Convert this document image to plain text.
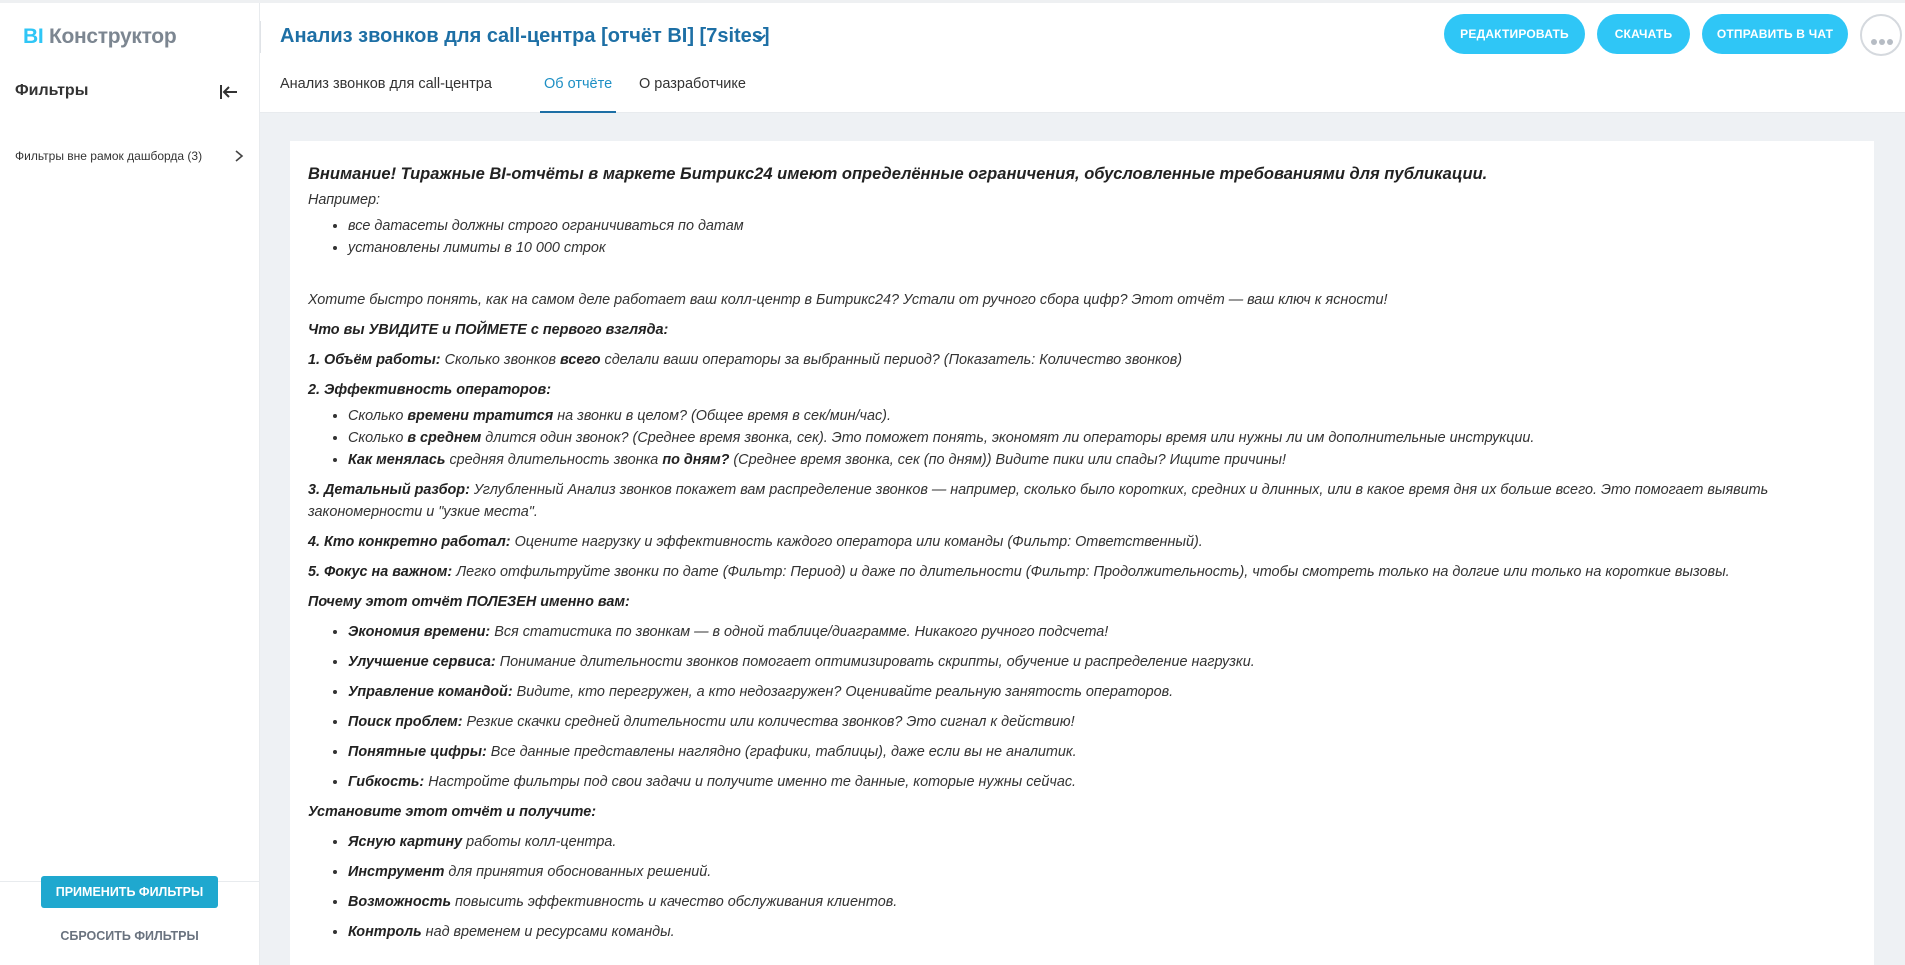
BI Конструктор
Фильтры
Фильтры вне рамок дашборда (3)
ПРИМЕНИТЬ ФИЛЬТРЫ
СБРОСИТЬ ФИЛЬТРЫ
Анализ звонков для call-центра [отчёт BI] [7sites]	РЕДАКТИРОВАТЬ	СКАЧАТЬ	ОТПРАВИТЬ В ЧАТ
Анализ звонков для call-центра	Об отчёте О разработчике
Внимание! Тиражные BI-отчёты в маркете Битрикс24 имеют определённые ограничения, обусловленные требованиями для публикации.

Например:

• все датасеты должны строго ограничиваться по датам
• установлены лимиты в 10 000 строк

Хотите быстро понять, как на самом деле работает ваш колл-центр в Битрикс24? Устали от ручного сбора цифр? Этот отчёт — ваш ключ к ясности!

Что вы УВИДИТЕ и ПОЙМЕТЕ с первого взгляда:

1. Объём работы: Сколько звонков всего сделали ваши операторы за выбранный период? (Показатель: Количество звонков)

2. Эффективность операторов:

• Сколько времени тратится на звонки в целом? (Общее время в сек/мин/час).
• Сколько в среднем длится один звонок? (Среднее время звонка, сек). Это поможет понять, экономят ли операторы время или нужны ли им дополнительные инструкции.
• Как менялась средняя длительность звонка по дням? (Среднее время звонка, сек (по дням)) Видите пики или спады? Ищите причины!

3. Детальный разбор: Углубленный Анализ звонков покажет вам распределение звонков — например, сколько было коротких, средних и длинных, или в какое время дня их больше всего. Это помогает выявить закономерности и "узкие места".

4. Кто конкретно работал: Оцените нагрузку и эффективность каждого оператора или команды (Фильтр: Ответственный).

5. Фокус на важном: Легко отфильтруйте звонки по дате (Фильтр: Период) и даже по длительности (Фильтр: Продолжительность), чтобы смотреть только на долгие или только на короткие вызовы.

Почему этот отчёт ПОЛЕЗЕН именно вам:

• Экономия времени: Вся статистика по звонкам — в одной таблице/диаграмме. Никакого ручного подсчета!
• Улучшение сервиса: Понимание длительности звонков помогает оптимизировать скрипты, обучение и распределение нагрузки.
• Управление командой: Видите, кто перегружен, а кто недозагружен? Оценивайте реальную занятость операторов.
• Поиск проблем: Резкие скачки средней длительности или количества звонков? Это сигнал к действию!
• Понятные цифры: Все данные представлены наглядно (графики, таблицы), даже если вы не аналитик.
• Гибкость: Настройте фильтры под свои задачи и получите именно те данные, которые нужны сейчас.

Установите этот отчёт и получите:

• Ясную картину работы колл-центра.
• Инструмент для принятия обоснованных решений.
• Возможность повысить эффективность и качество обслуживания клиентов.
• Контроль над временем и ресурсами команды.
